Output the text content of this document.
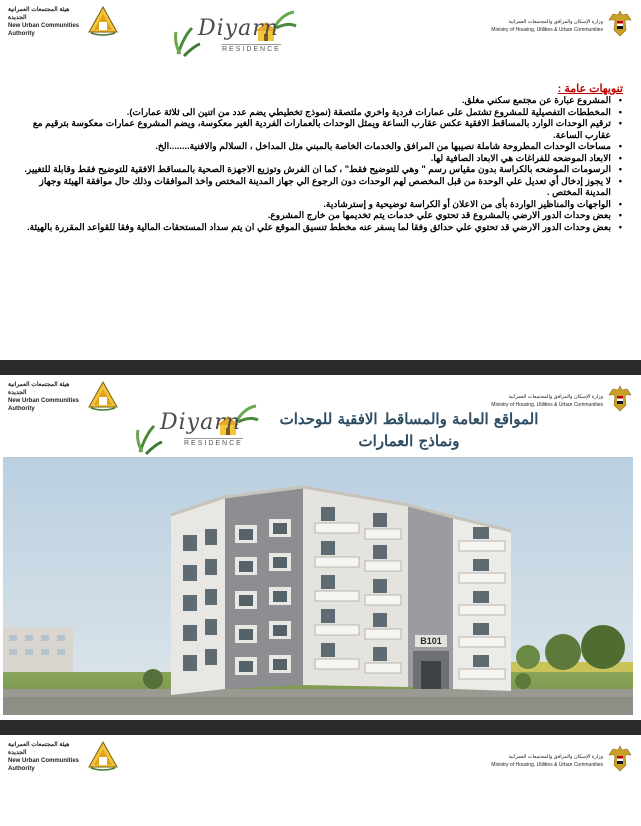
هيئة المجتمعات العمرانية الجديدة
New Urban Communities
Authority	Diyarn
RESIDENCE
وزارة الإسكان والمرافق والمجتمعات العمرانية
Ministry of Housing, Utilities & Urban Communities
تنويهات عامة :
• المشروع عبارة عن مجتمع سكني مغلق.
• المخططات التفصيلية للمشروع تشتمل على عمارات فردية واخري ملتصقة (نموذج تخطيطي يضم عدد من اتنين الى ثلاثة عمارات).
• ترقيم الوحدات الوارد بالمساقط الافقية عكس عقارب الساعة ويمثل الوحدات بالعمارات الفردية الغير معكوسة، ويضم المشروع عمارات معكوسة بترقيم مع عقارب الساعة.
• مساحات الوحدات المطروحة شاملة نصيبها من المرافق والخدمات الخاصة بالمبني مثل المداخل ، السلالم والافنية........الخ.
• الابعاد الموضحه للفراغات هي الابعاد الصافية لها.
• الرسومات الموضحه بالكراسة بدون مقياس رسم " وهي للتوضيح فقط" ، كما ان الفرش وتوزيع الاجهزة الصحية بالمساقط الافقية للتوضيح فقط وقابلة للتغيير.
• لا يجوز إدخال أي تعديل علي الوحدة من قبل المخصص لهم الوحدات دون الرجوع الي جهاز المدينة المختص واخذ الموافقات وذلك حال موافقة الهيئة وجهاز المدينة المختص .
• الواجهات والمناظير الواردة بأى من الاعلان أو الكراسة توضيحية و إسترشادية.
• بعض وحدات الدور الارضي بالمشروع قد تحتوي علي خدمات يتم تخديمها من خارج المشروع.
• بعض وحدات الدور الارضي قد تحتوي علي حدائق وفقا لما يسفر عنه مخطط تنسيق الموقع علي ان يتم سداد المستحقات المالية وفقا للقواعد المقررة بالهيئة.
هيئة المجتمعات العمرانية الجديدة
New Urban Communities
Authority
وزارة الإسكان والمرافق والمجتمعات العمرانية
Ministry of Housing, Utilities & Urban Communities
Diyarn
RESIDENCE
المواقع العامة والمساقط الافقية للوحدات
ونماذج العمارات
B101
هيئة المجتمعات العمرانية الجديدة
New Urban Communities
Authority
وزارة الإسكان والمرافق والمجتمعات العمرانية
Ministry of Housing, Utilities & Urban Communities
